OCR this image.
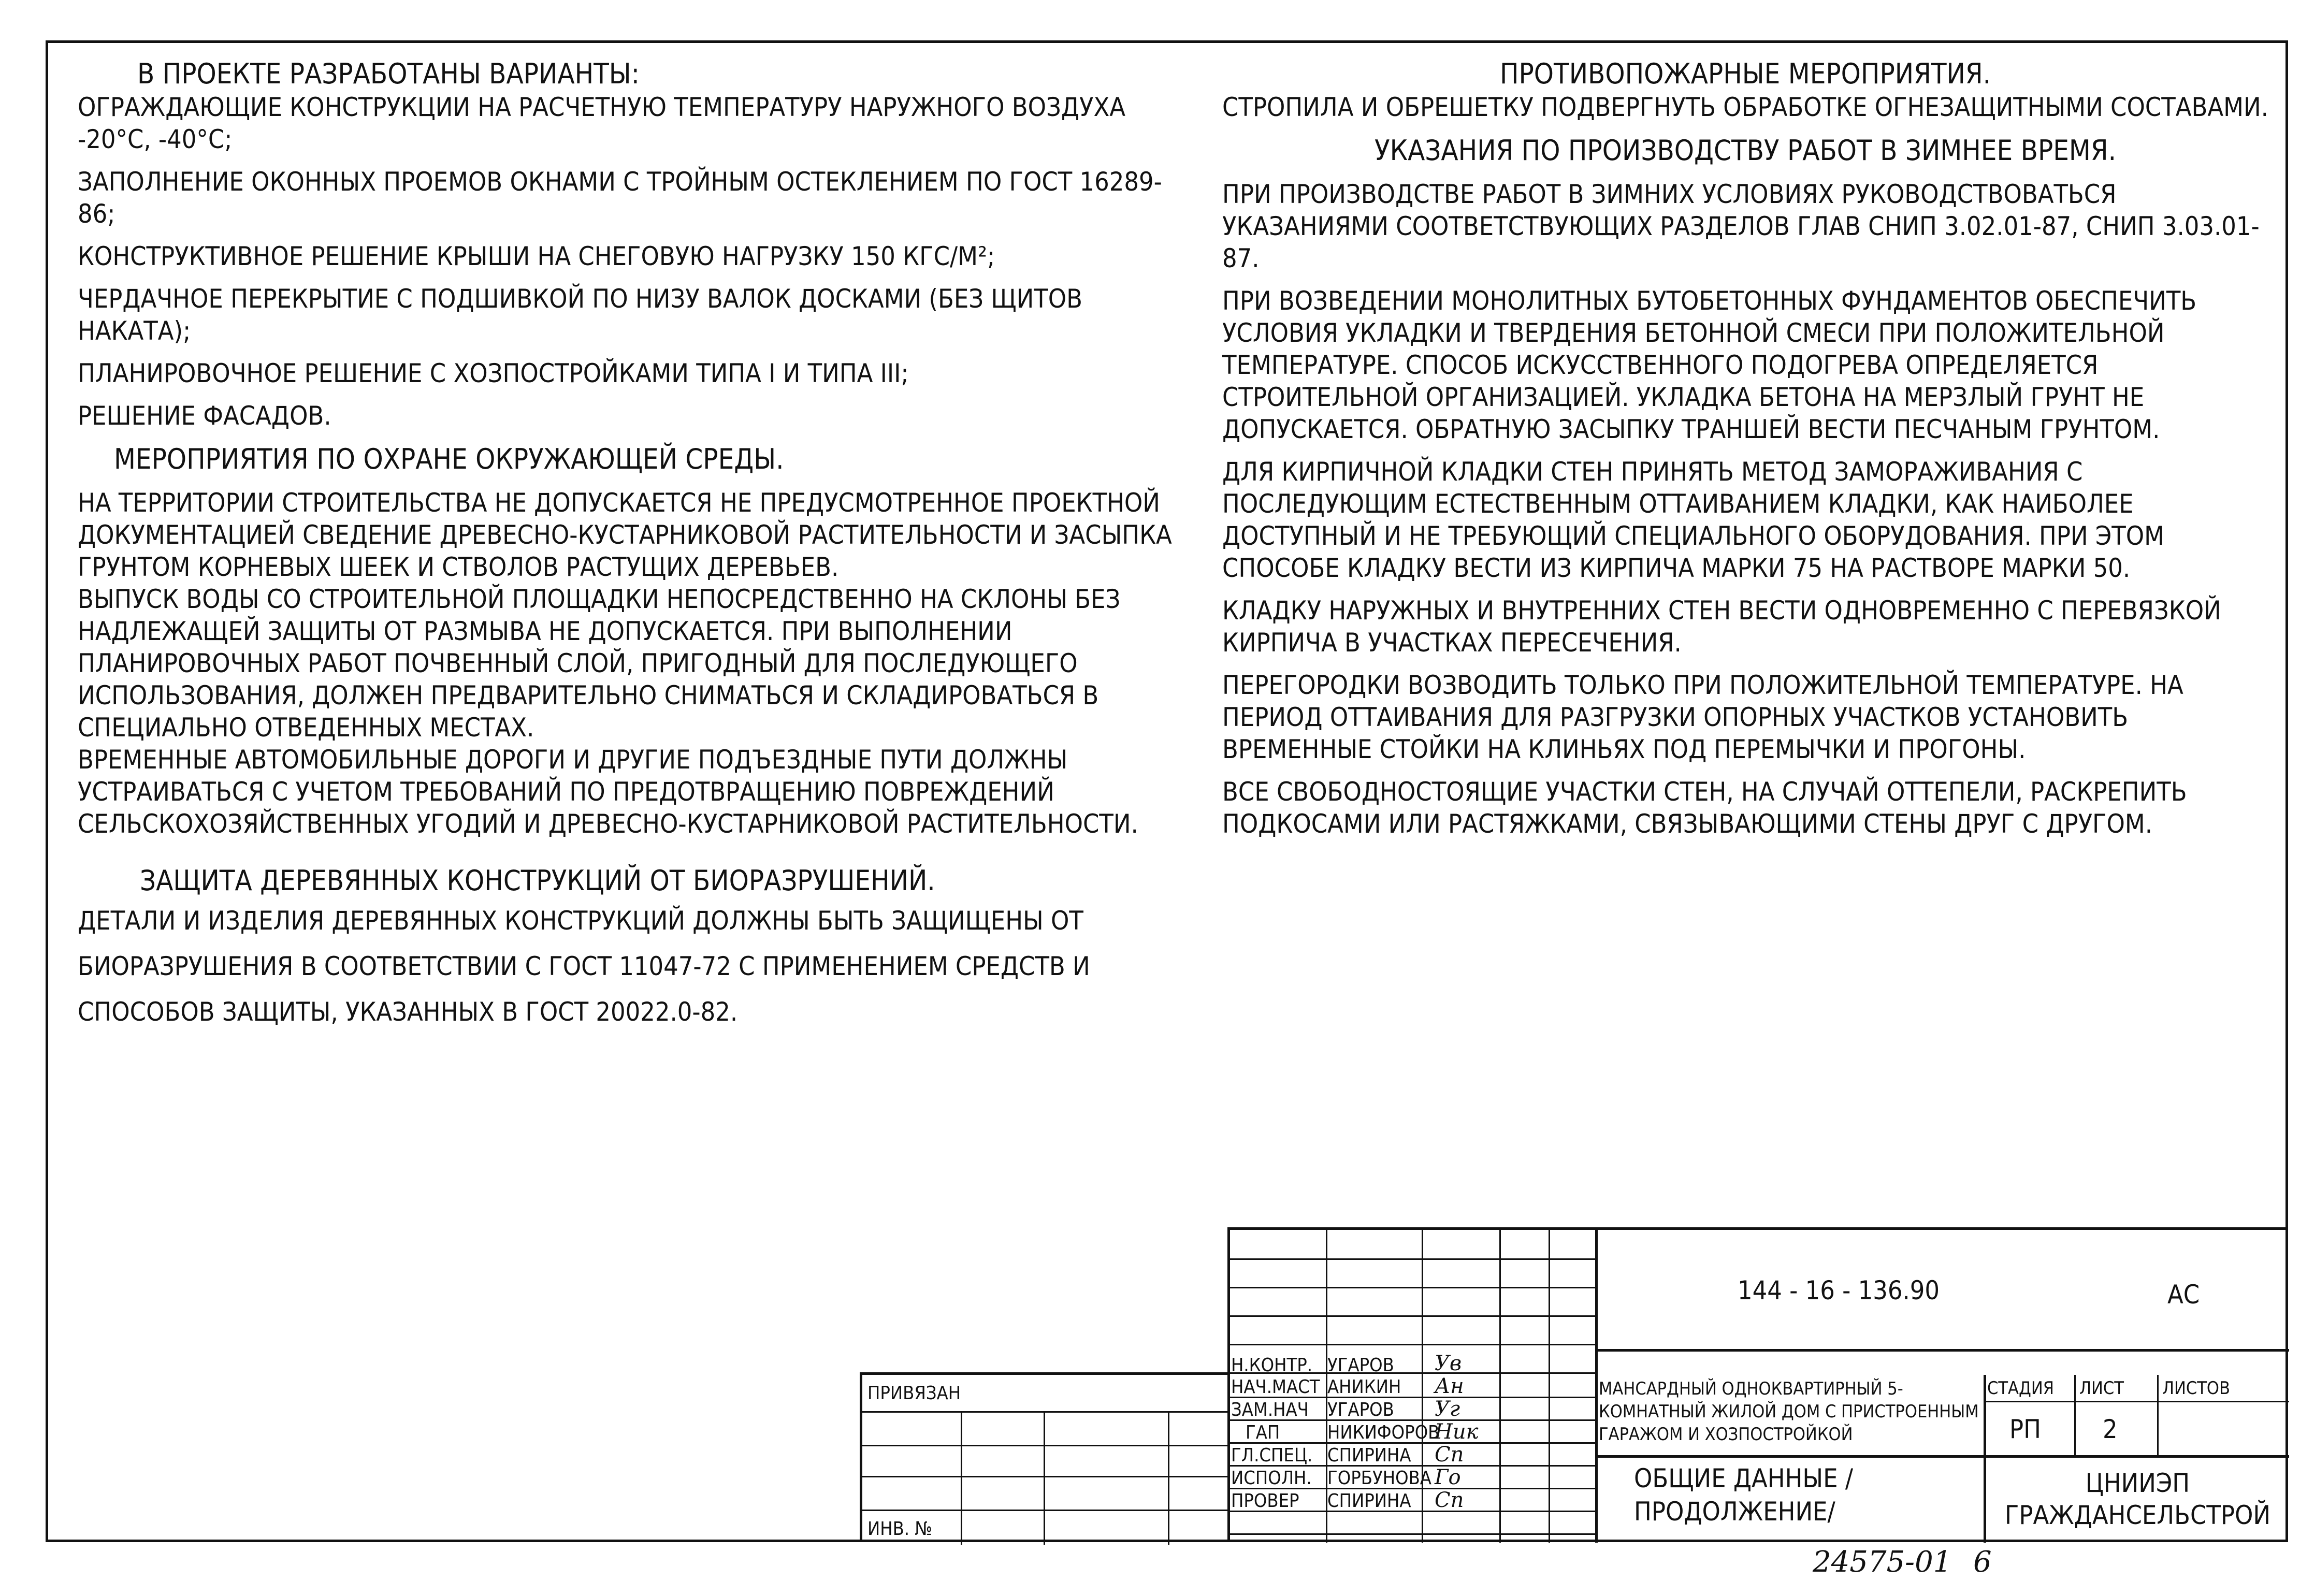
В ПРОЕКТЕ РАЗРАБОТАНЫ ВАРИАНТЫ:

ОГРАЖДАЮЩИЕ КОНСТРУКЦИИ НА РАСЧЕТНУЮ ТЕМПЕРАТУРУ НАРУЖНОГО ВОЗДУХА -20°С, -40°С;

ЗАПОЛНЕНИЕ ОКОННЫХ ПРОЕМОВ ОКНАМИ С ТРОЙНЫМ ОСТЕКЛЕНИЕМ ПО ГОСТ 16289-86;

КОНСТРУКТИВНОЕ РЕШЕНИЕ КРЫШИ НА СНЕГОВУЮ НАГРУЗКУ 150 КГС/М²;

ЧЕРДАЧНОЕ ПЕРЕКРЫТИЕ С ПОДШИВКОЙ ПО НИЗУ ВАЛОК ДОСКАМИ (БЕЗ ЩИТОВ НАКАТА);

ПЛАНИРОВОЧНОЕ РЕШЕНИЕ С ХОЗПОСТРОЙКАМИ ТИПА I И ТИПА III;

РЕШЕНИЕ ФАСАДОВ.

МЕРОПРИЯТИЯ ПО ОХРАНЕ ОКРУЖАЮЩЕЙ СРЕДЫ.

НА ТЕРРИТОРИИ СТРОИТЕЛЬСТВА НЕ ДОПУСКАЕТСЯ НЕ ПРЕДУСМОТРЕННОЕ ПРОЕКТНОЙ ДОКУМЕНТАЦИЕЙ СВЕДЕНИЕ ДРЕВЕСНО-КУСТАРНИКОВОЙ РАСТИТЕЛЬНОСТИ И ЗАСЫПКА ГРУНТОМ КОРНЕВЫХ ШЕЕК И СТВОЛОВ РАСТУЩИХ ДЕРЕВЬЕВ.

ВЫПУСК ВОДЫ СО СТРОИТЕЛЬНОЙ ПЛОЩАДКИ НЕПОСРЕДСТВЕННО НА СКЛОНЫ БЕЗ НАДЛЕЖАЩЕЙ ЗАЩИТЫ ОТ РАЗМЫВА НЕ ДОПУСКАЕТСЯ. ПРИ ВЫПОЛНЕНИИ ПЛАНИРОВОЧНЫХ РАБОТ ПОЧВЕННЫЙ СЛОЙ, ПРИГОДНЫЙ ДЛЯ ПОСЛЕДУЮЩЕГО ИСПОЛЬЗОВАНИЯ, ДОЛЖЕН ПРЕДВАРИТЕЛЬНО СНИМАТЬСЯ И СКЛАДИРОВАТЬСЯ В СПЕЦИАЛЬНО ОТВЕДЕННЫХ МЕСТАХ.

ВРЕМЕННЫЕ АВТОМОБИЛЬНЫЕ ДОРОГИ И ДРУГИЕ ПОДЪЕЗДНЫЕ ПУТИ ДОЛЖНЫ УСТРАИВАТЬСЯ С УЧЕТОМ ТРЕБОВАНИЙ ПО ПРЕДОТВРАЩЕНИЮ ПОВРЕЖДЕНИЙ СЕЛЬСКОХОЗЯЙСТВЕННЫХ УГОДИЙ И ДРЕВЕСНО-КУСТАРНИКОВОЙ РАСТИТЕЛЬНОСТИ.

ЗАЩИТА ДЕРЕВЯННЫХ КОНСТРУКЦИЙ ОТ БИОРАЗРУШЕНИЙ.

ДЕТАЛИ И ИЗДЕЛИЯ ДЕРЕВЯННЫХ КОНСТРУКЦИЙ ДОЛЖНЫ БЫТЬ ЗАЩИЩЕНЫ ОТ БИОРАЗРУШЕНИЯ В СООТВЕТСТВИИ С ГОСТ 11047-72 С ПРИМЕНЕНИЕМ СРЕДСТВ И СПОСОБОВ ЗАЩИТЫ, УКАЗАННЫХ В ГОСТ 20022.0-82.

ПРОТИВОПОЖАРНЫЕ МЕРОПРИЯТИЯ.

СТРОПИЛА И ОБРЕШЕТКУ ПОДВЕРГНУТЬ ОБРАБОТКЕ ОГНЕЗАЩИТНЫМИ СОСТАВАМИ.

УКАЗАНИЯ ПО ПРОИЗВОДСТВУ РАБОТ В ЗИМНЕЕ ВРЕМЯ.

ПРИ ПРОИЗВОДСТВЕ РАБОТ В ЗИМНИХ УСЛОВИЯХ РУКОВОДСТВОВАТЬСЯ УКАЗАНИЯМИ СООТВЕТСТВУЮЩИХ РАЗДЕЛОВ ГЛАВ СНИП 3.02.01-87, СНИП 3.03.01-87.

ПРИ ВОЗВЕДЕНИИ МОНОЛИТНЫХ БУТОБЕТОННЫХ ФУНДАМЕНТОВ ОБЕСПЕЧИТЬ УСЛОВИЯ УКЛАДКИ И ТВЕРДЕНИЯ БЕТОННОЙ СМЕСИ ПРИ ПОЛОЖИТЕЛЬНОЙ ТЕМПЕРАТУРЕ. СПОСОБ ИСКУССТВЕННОГО ПОДОГРЕВА ОПРЕДЕЛЯЕТСЯ СТРОИТЕЛЬНОЙ ОРГАНИЗАЦИЕЙ. УКЛАДКА БЕТОНА НА МЕРЗЛЫЙ ГРУНТ НЕ ДОПУСКАЕТСЯ. ОБРАТНУЮ ЗАСЫПКУ ТРАНШЕЙ ВЕСТИ ПЕСЧАНЫМ ГРУНТОМ.

ДЛЯ КИРПИЧНОЙ КЛАДКИ СТЕН ПРИНЯТЬ МЕТОД ЗАМОРАЖИВАНИЯ С ПОСЛЕДУЮЩИМ ЕСТЕСТВЕННЫМ ОТТАИВАНИЕМ КЛАДКИ, КАК НАИБОЛЕЕ ДОСТУПНЫЙ И НЕ ТРЕБУЮЩИЙ СПЕЦИАЛЬНОГО ОБОРУДОВАНИЯ. ПРИ ЭТОМ СПОСОБЕ КЛАДКУ ВЕСТИ ИЗ КИРПИЧА МАРКИ 75 НА РАСТВОРЕ МАРКИ 50.

КЛАДКУ НАРУЖНЫХ И ВНУТРЕННИХ СТЕН ВЕСТИ ОДНОВРЕМЕННО С ПЕРЕВЯЗКОЙ КИРПИЧА В УЧАСТКАХ ПЕРЕСЕЧЕНИЯ.

ПЕРЕГОРОДКИ ВОЗВОДИТЬ ТОЛЬКО ПРИ ПОЛОЖИТЕЛЬНОЙ ТЕМПЕРАТУРЕ. НА ПЕРИОД ОТТАИВАНИЯ ДЛЯ РАЗГРУЗКИ ОПОРНЫХ УЧАСТКОВ УСТАНОВИТЬ ВРЕМЕННЫЕ СТОЙКИ НА КЛИНЬЯХ ПОД ПЕРЕМЫЧКИ И ПРОГОНЫ.

ВСЕ СВОБОДНОСТОЯЩИЕ УЧАСТКИ СТЕН, НА СЛУЧАЙ ОТТЕПЕЛИ, РАСКРЕПИТЬ ПОДКОСАМИ ИЛИ РАСТЯЖКАМИ, СВЯЗЫВАЮЩИМИ СТЕНЫ ДРУГ С ДРУГОМ.

ПРИВЯЗАН
ИНВ. №
Н.КОНТР. УГАРОВ Ув
НАЧ.МАСТ АНИКИН Ан
ЗАМ.НАЧ УГАРОВ Уг
ГАП	НИКИФОРОВ
Ник
ГЛ.СПЕЦ. СПИРИНА Сп
ИСПОЛН. ГОРБУНОВА Го
ПРОВЕР СПИРИНА Сп
144 - 16 - 136.90	АС
МАНСАРДНЫЙ ОДНОКВАРТИРНЫЙ 5-КОМНАТНЫЙ ЖИЛОЙ ДОМ С ПРИСТРОЕННЫМ ГАРАЖОМ И ХОЗПОСТРОЙКОЙ
ОБЩИЕ ДАННЫЕ /ПРОДОЛЖЕНИЕ/
СТАДИЯ ЛИСТ ЛИСТОВ
РП 2
ЦНИИЭП ГРАЖДАНСЕЛЬСТРОЙ
24575-01 6
